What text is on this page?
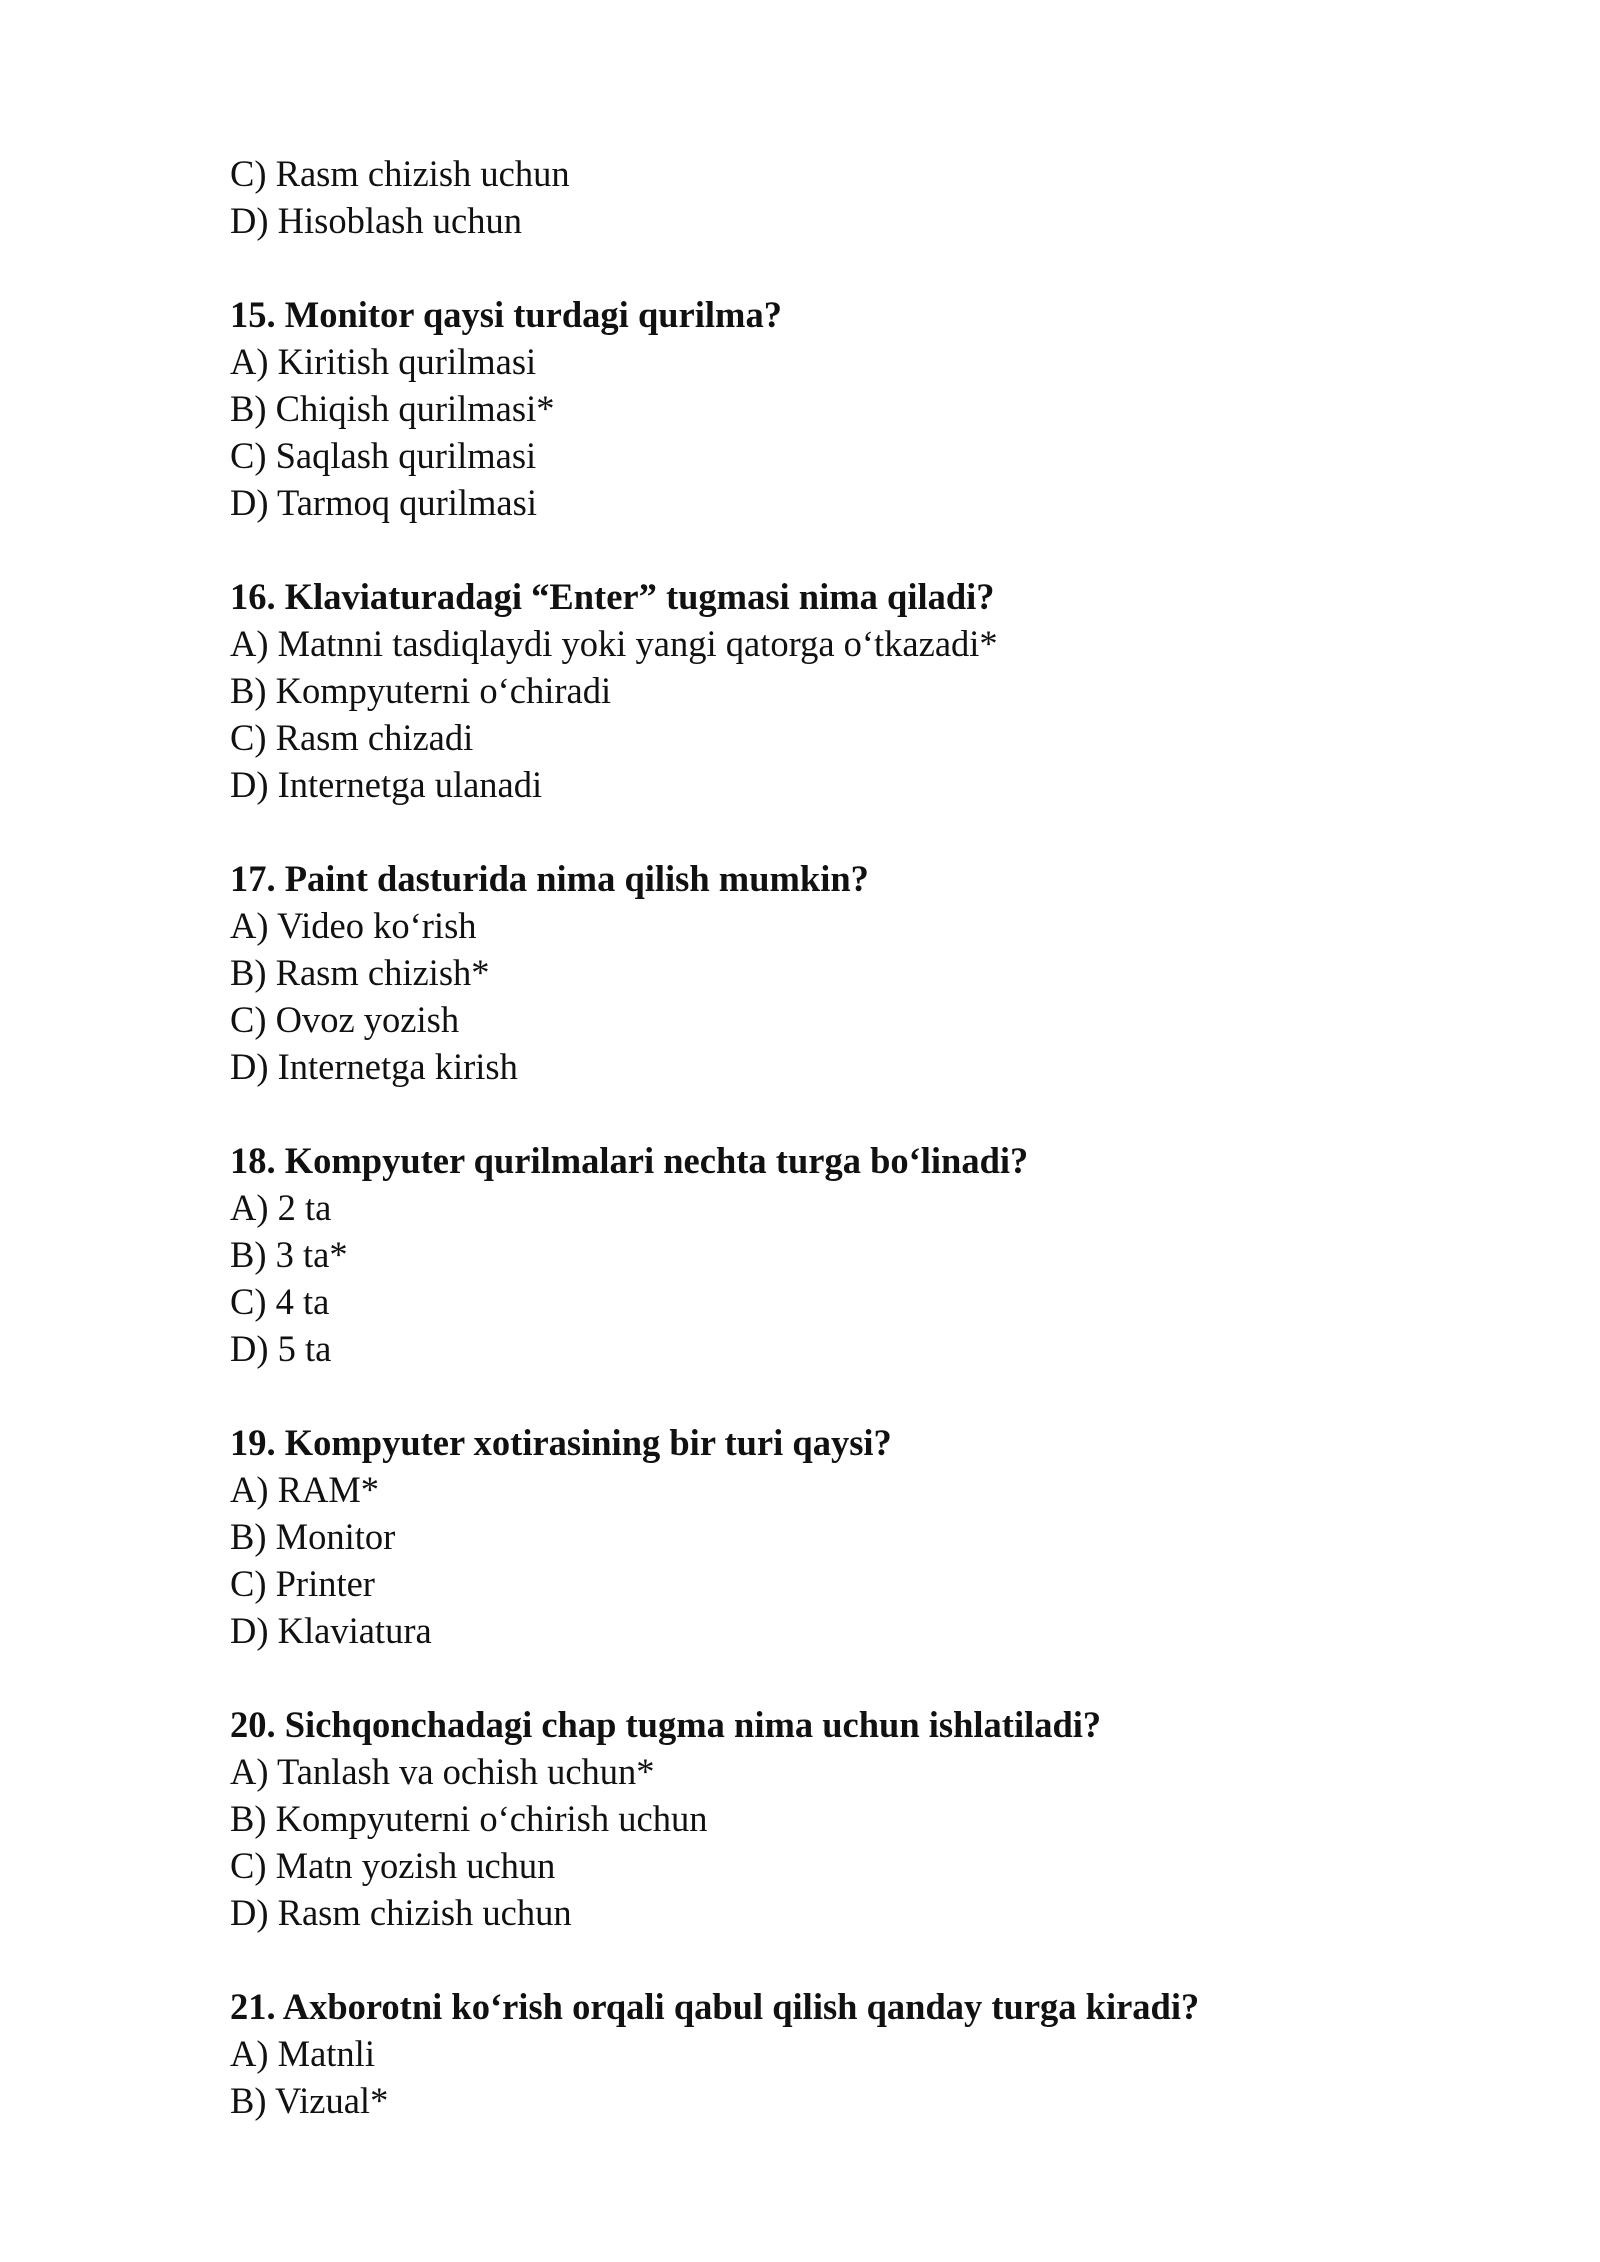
C) Rasm chizish uchun
D) Hisoblash uchun
15. Monitor qaysi turdagi qurilma?
A) Kiritish qurilmasi
B) Chiqish qurilmasi*
C) Saqlash qurilmasi
D) Tarmoq qurilmasi
16. Klaviaturadagi “Enter” tugmasi nima qiladi?
A) Matnni tasdiqlaydi yoki yangi qatorga o‘tkazadi*
B) Kompyuterni o‘chiradi
C) Rasm chizadi
D) Internetga ulanadi
17. Paint dasturida nima qilish mumkin?
A) Video ko‘rish
B) Rasm chizish*
C) Ovoz yozish
D) Internetga kirish
18. Kompyuter qurilmalari nechta turga bo‘linadi?
A) 2 ta
B) 3 ta*
C) 4 ta
D) 5 ta
19. Kompyuter xotirasining bir turi qaysi?
A) RAM*
B) Monitor
C) Printer
D) Klaviatura
20. Sichqonchadagi chap tugma nima uchun ishlatiladi?
A) Tanlash va ochish uchun*
B) Kompyuterni o‘chirish uchun
C) Matn yozish uchun
D) Rasm chizish uchun
21. Axborotni ko‘rish orqali qabul qilish qanday turga kiradi?
A) Matnli
B) Vizual*
